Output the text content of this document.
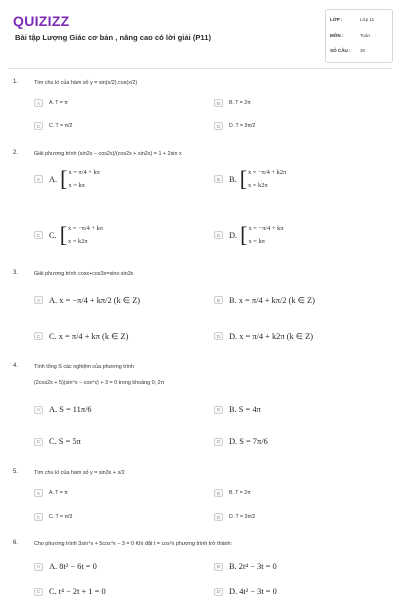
QUIZIZZ
Bài tập Lượng Giác cơ bản , nâng cao có lời giải (P11)
LỚP :	Lớp 11
MÔN :	Toán
SỐ CÂU :	30
1.	Tìm chu kì của hàm số y = sin(x/2).cos(x/2)
A	A. T = π	B	B. T = 2π
C	C. T = π/2	D	D. T = 3π/2
2.	Giải phương trình (sin2x − cos2x)/(cos2x + sin2x) = 1 + 2sin x
A	A. [ x = π/4 + kπ
x = kπ
B	B. [ x = −π/4 + k2π
x = k2π
C	C. [ x = −π/4 + kπ
x = k2π
D	D. [ x = −π/4 + kπ
x = kπ
3.	Giải phương trình cosx+cos3x=sinx-sin3x
A	A. x = −π/4 + kπ/2 (k ∈ Z)	B	B. x = π/4 + kπ/2 (k ∈ Z)
C	C. x = π/4 + kπ (k ∈ Z)	D	D. x = π/4 + k2π (k ∈ Z)
4.	Tính tổng S các nghiệm của phương trình
(2cos2x + 5)(sin⁴x − cos⁴x) + 3 = 0 trong khoảng 0; 2π
A	A. S = 11π/6	B	B. S = 4π
C	C. S = 5π	D	D. S = 7π/6
5.	Tìm chu kì của hàm số y = sin3x + x/2
A	A. T = π	B	B. T = 2π
C	C. T = π/3	D	D. T = 3π/2
6.	Cho phương trình 3sin⁴x + 5cos⁴x − 3 = 0 Khi đặt t = cos²x phương trình trở thành:
A	A. 8t² − 6t = 0	B	B. 2t⁴ − 3t = 0
C	C. t⁴ − 2t + 1 = 0	D	D. 4t² − 3t = 0
